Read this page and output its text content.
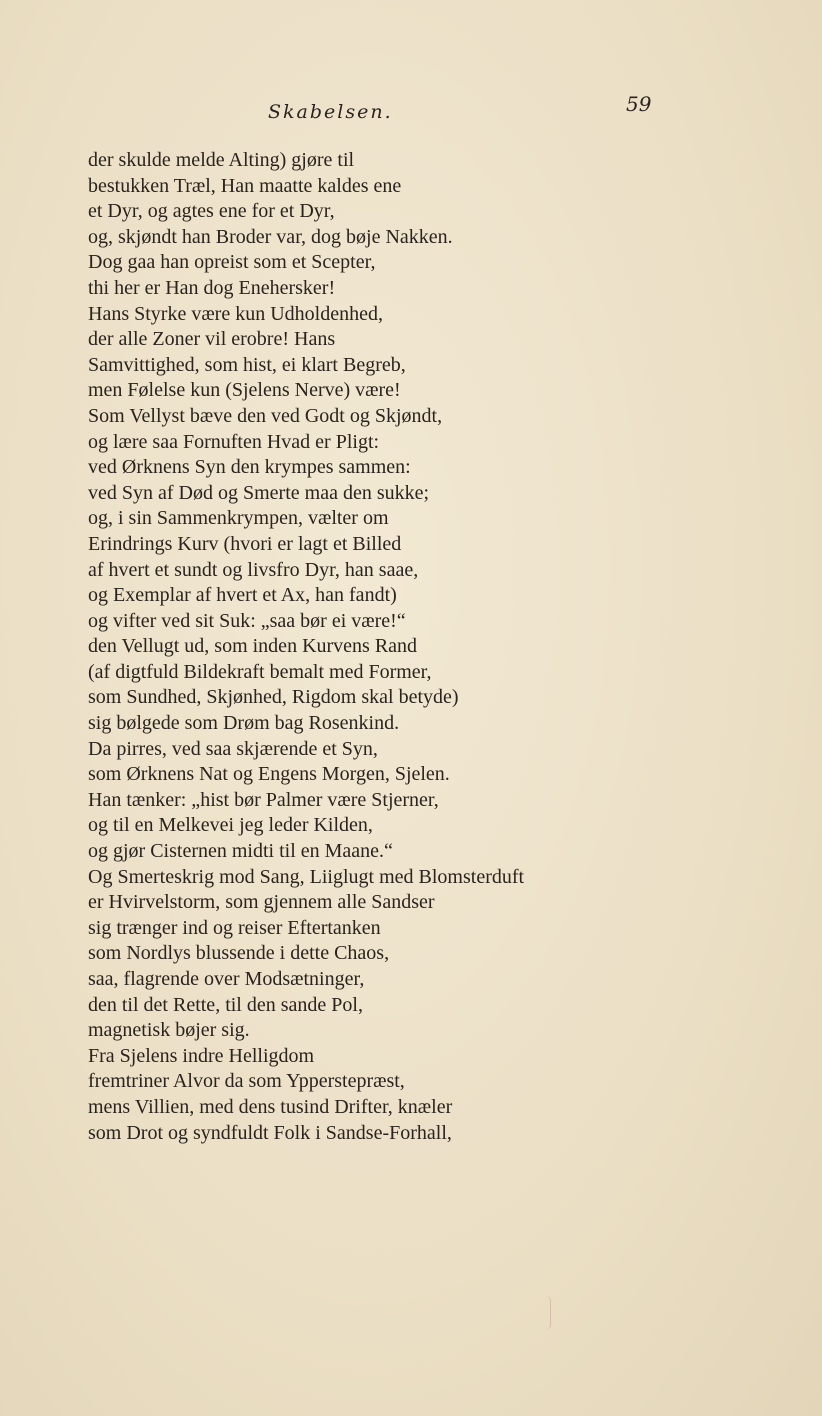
Skabelsen.	59
der skulde melde Alting) gjøre til
bestukken Træl, Han maatte kaldes ene
et Dyr, og agtes ene for et Dyr,
og, skjøndt han Broder var, dog bøje Nakken.
Dog gaa han opreist som et Scepter,
thi her er Han dog Enehersker!
Hans Styrke være kun Udholdenhed,
der alle Zoner vil erobre! Hans
Samvittighed, som hist, ei klart Begreb,
men Følelse kun (Sjelens Nerve) være!
Som Vellyst bæve den ved Godt og Skjøndt,
og lære saa Fornuften Hvad er Pligt:
ved Ørknens Syn den krympes sammen:
ved Syn af Død og Smerte maa den sukke;
og, i sin Sammenkrympen, vælter om
Erindrings Kurv (hvori er lagt et Billed
af hvert et sundt og livsfro Dyr, han saae,
og Exemplar af hvert et Ax, han fandt)
og vifter ved sit Suk: „saa bør ei være!“
den Vellugt ud, som inden Kurvens Rand
(af digtfuld Bildekraft bemalt med Former,
som Sundhed, Skjønhed, Rigdom skal betyde)
sig bølgede som Drøm bag Rosenkind.
Da pirres, ved saa skjærende et Syn,
som Ørknens Nat og Engens Morgen, Sjelen.
Han tænker: „hist bør Palmer være Stjerner,
og til en Melkevei jeg leder Kilden,
og gjør Cisternen midti til en Maane.“
Og Smerteskrig mod Sang, Liiglugt med Blomsterduft
er Hvirvelstorm, som gjennem alle Sandser
sig trænger ind og reiser Eftertanken
som Nordlys blussende i dette Chaos,
saa, flagrende over Modsætninger,
den til det Rette, til den sande Pol,
magnetisk bøjer sig.
Fra Sjelens indre Helligdom
fremtriner Alvor da som Ypperstepræst,
mens Villien, med dens tusind Drifter, knæler
som Drot og syndfuldt Folk i Sandse-Forhall,
